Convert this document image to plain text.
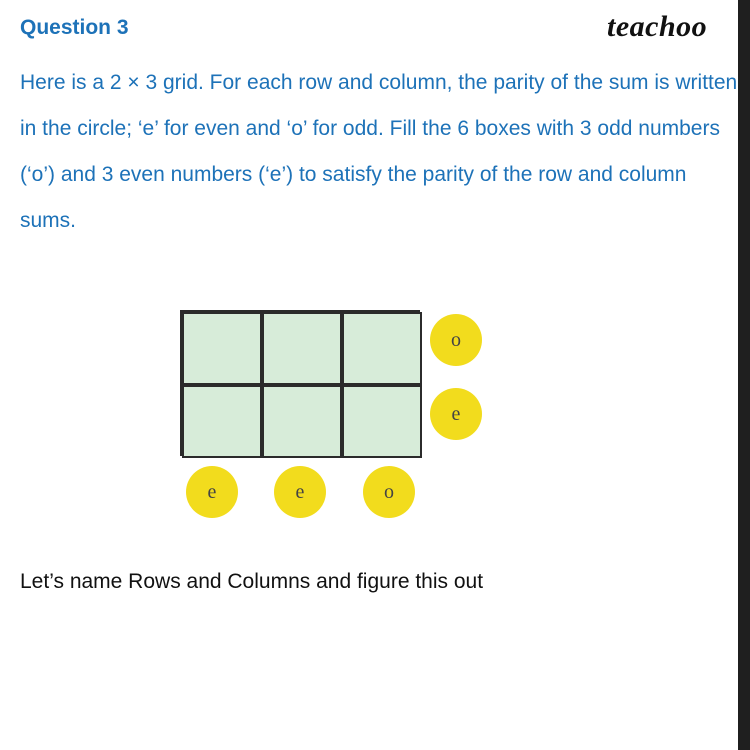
Question 3	teachoo

Here is a 2 × 3 grid. For each row and column, the parity of the sum is written in the circle; ‘e’ for even and ‘o’ for odd. Fill the 6 boxes with 3 odd numbers (‘o’) and 3 even numbers (‘e’) to satisfy the parity of the row and column sums.

o
e
e	e	o

Let’s name Rows and Columns and figure this out
